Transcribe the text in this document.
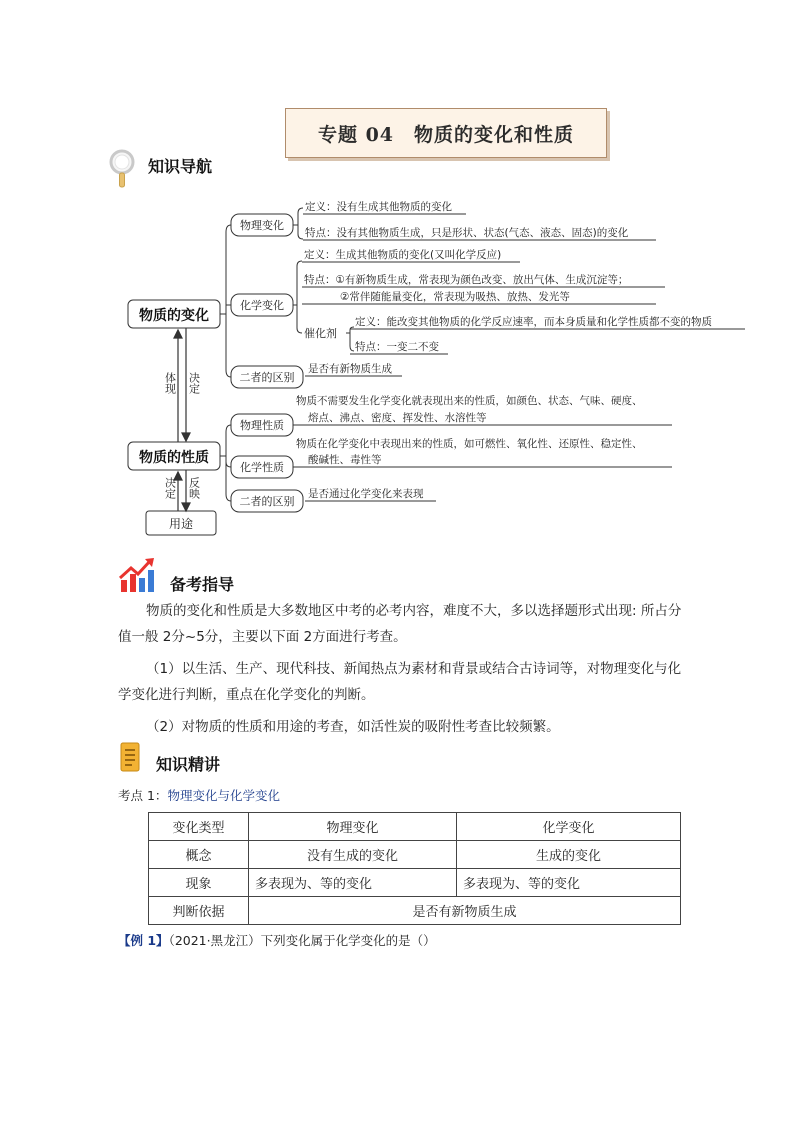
专题 04　物质的变化和性质
知识导航
物质的变化
物质的性质
用途
体现 决定
决定 反映
物理变化
化学变化
二者的区别
物理性质
化学性质
二者的区别
定义：没有生成其他物质的变化
特点：没有其他物质生成，只是形状、状态(气态、液态、固态)的变化
定义：生成其他物质的变化(又叫化学反应)
特点：①有新物质生成，常表现为颜色改变、放出气体、生成沉淀等；
②常伴随能量变化，常表现为吸热、放热、发光等
催化剂
定义：能改变其他物质的化学反应速率，而本身质量和化学性质都不变的物质
特点：一变二不变
是否有新物质生成
物质不需要发生化学变化就表现出来的性质，如颜色、状态、气味、硬度、
熔点、沸点、密度、挥发性、水溶性等
物质在化学变化中表现出来的性质，如可燃性、氧化性、还原性、稳定性、
酸碱性、毒性等
是否通过化学变化来表现
备考指导

物质的变化和性质是大多数地区中考的必考内容，难度不大，多以选择题形式出现: 所占分值一般 2分~5分，主要以下面 2方面进行考查。

（1）以生活、生产、现代科技、新闻热点为素材和背景或结合古诗词等，对物理变化与化学变化进行判断，重点在化学变化的判断。

（2）对物质的性质和用途的考查，如活性炭的吸附性考查比较频繁。

知识精讲
考点 1：物理变化与化学变化
变化类型	物理变化	化学变化
概念	没有生成的变化	生成的变化
现象	多表现为、等的变化	多表现为、等的变化
判断依据	是否有新物质生成	
【例 1】（2021·黑龙江）下列变化属于化学变化的是（）
